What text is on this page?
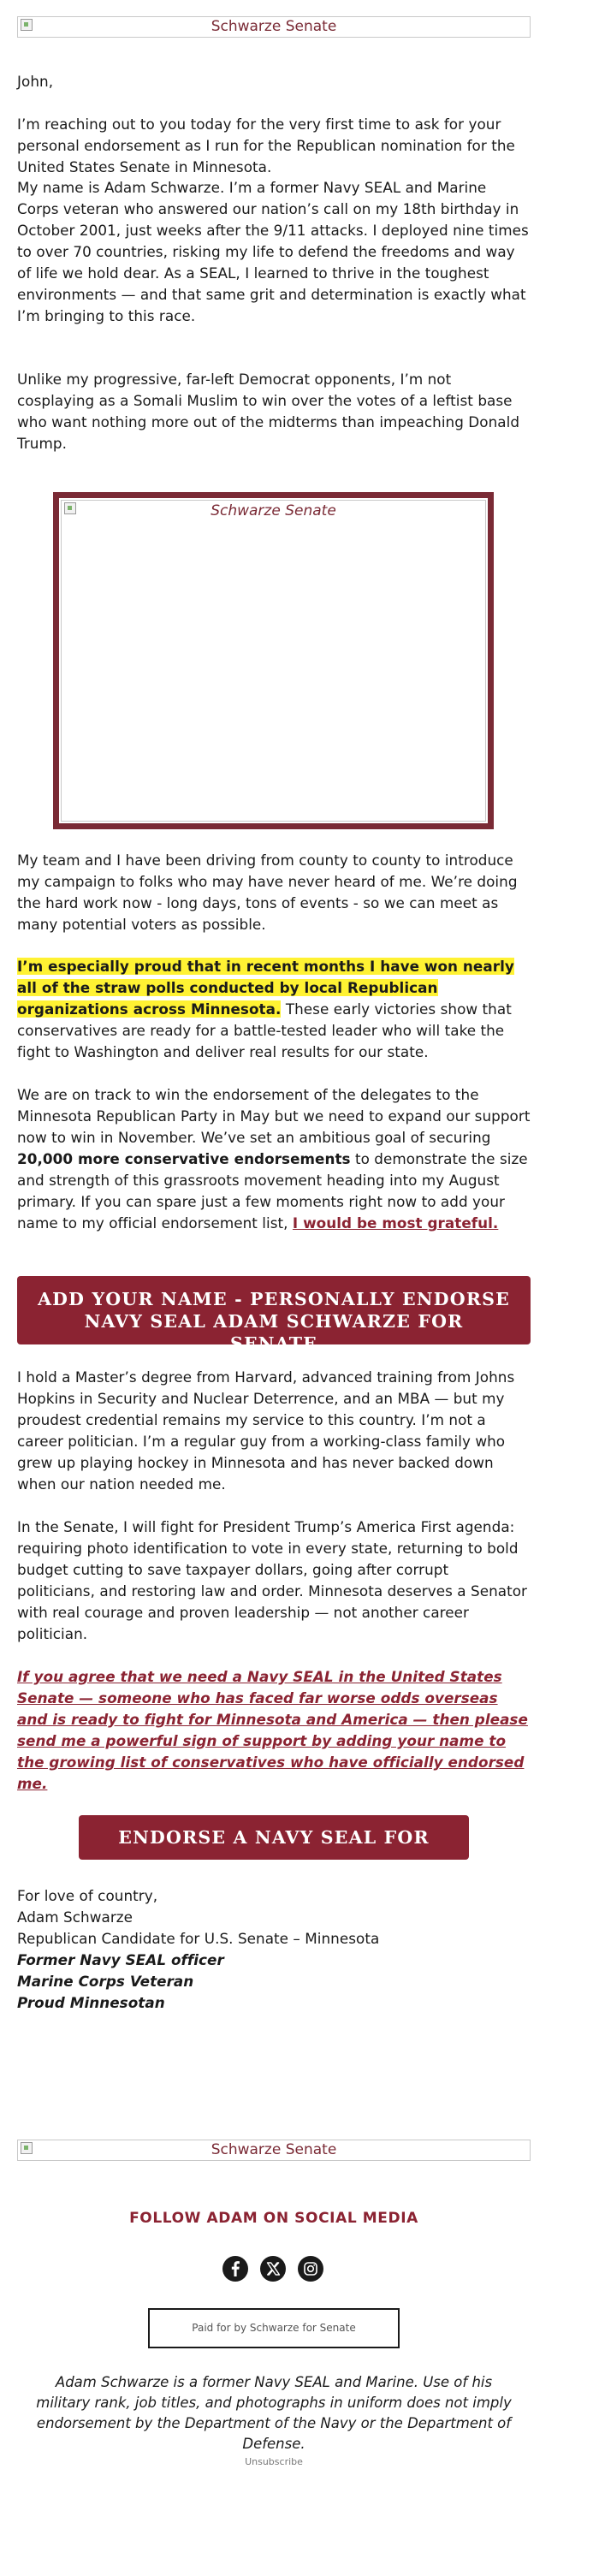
Schwarze Senate

John,

I’m reaching out to you today for the very first time to ask for your personal endorsement as I run for the Republican nomination for the United States Senate in Minnesota.

My name is Adam Schwarze. I’m a former Navy SEAL and Marine Corps veteran who answered our nation’s call on my 18th birthday in October 2001, just weeks after the 9/11 attacks. I deployed nine times to over 70 countries, risking my life to defend the freedoms and way of life we hold dear. As a SEAL, I learned to thrive in the toughest environments — and that same grit and determination is exactly what I’m bringing to this race.

Unlike my progressive, far-left Democrat opponents, I’m not cosplaying as a Somali Muslim to win over the votes of a leftist base who want nothing more out of the midterms than impeaching Donald Trump.

Schwarze Senate

My team and I have been driving from county to county to introduce my campaign to folks who may have never heard of me. We’re doing the hard work now - long days, tons of events - so we can meet as many potential voters as possible.

I’m especially proud that in recent months I have won nearly all of the straw polls conducted by local Republican organizations across Minnesota. These early victories show that conservatives are ready for a battle-tested leader who will take the fight to Washington and deliver real results for our state.

We are on track to win the endorsement of the delegates to the Minnesota Republican Party in May but we need to expand our support now to win in November. We’ve set an ambitious goal of securing 20,000 more conservative endorsements to demonstrate the size and strength of this grassroots movement heading into my August primary. If you can spare just a few moments right now to add your name to my official endorsement list, I would be most grateful.

ADD YOUR NAME - PERSONALLY ENDORSE NAVY SEAL ADAM SCHWARZE FOR SENATE

I hold a Master’s degree from Harvard, advanced training from Johns Hopkins in Security and Nuclear Deterrence, and an MBA — but my proudest credential remains my service to this country. I’m not a career politician. I’m a regular guy from a working-class family who grew up playing hockey in Minnesota and has never backed down when our nation needed me.

In the Senate, I will fight for President Trump’s America First agenda: requiring photo identification to vote in every state, returning to bold budget cutting to save taxpayer dollars, going after corrupt politicians, and restoring law and order. Minnesota deserves a Senator with real courage and proven leadership — not another career politician.

If you agree that we need a Navy SEAL in the United States Senate — someone who has faced far worse odds overseas and is ready to fight for Minnesota and America — then please send me a powerful sign of support by adding your name to the growing list of conservatives who have officially endorsed me.

ENDORSE A NAVY SEAL FOR SENATE

For love of country,

Adam Schwarze

Republican Candidate for U.S. Senate – Minnesota

Former Navy SEAL officer

Marine Corps Veteran

Proud Minnesotan

Schwarze Senate
FOLLOW ADAM ON SOCIAL MEDIA
Paid for by Schwarze for Senate
Adam Schwarze is a former Navy SEAL and Marine. Use of his military rank, job titles, and photographs in uniform does not imply endorsement by the Department of the Navy or the Department of Defense.
Unsubscribe
